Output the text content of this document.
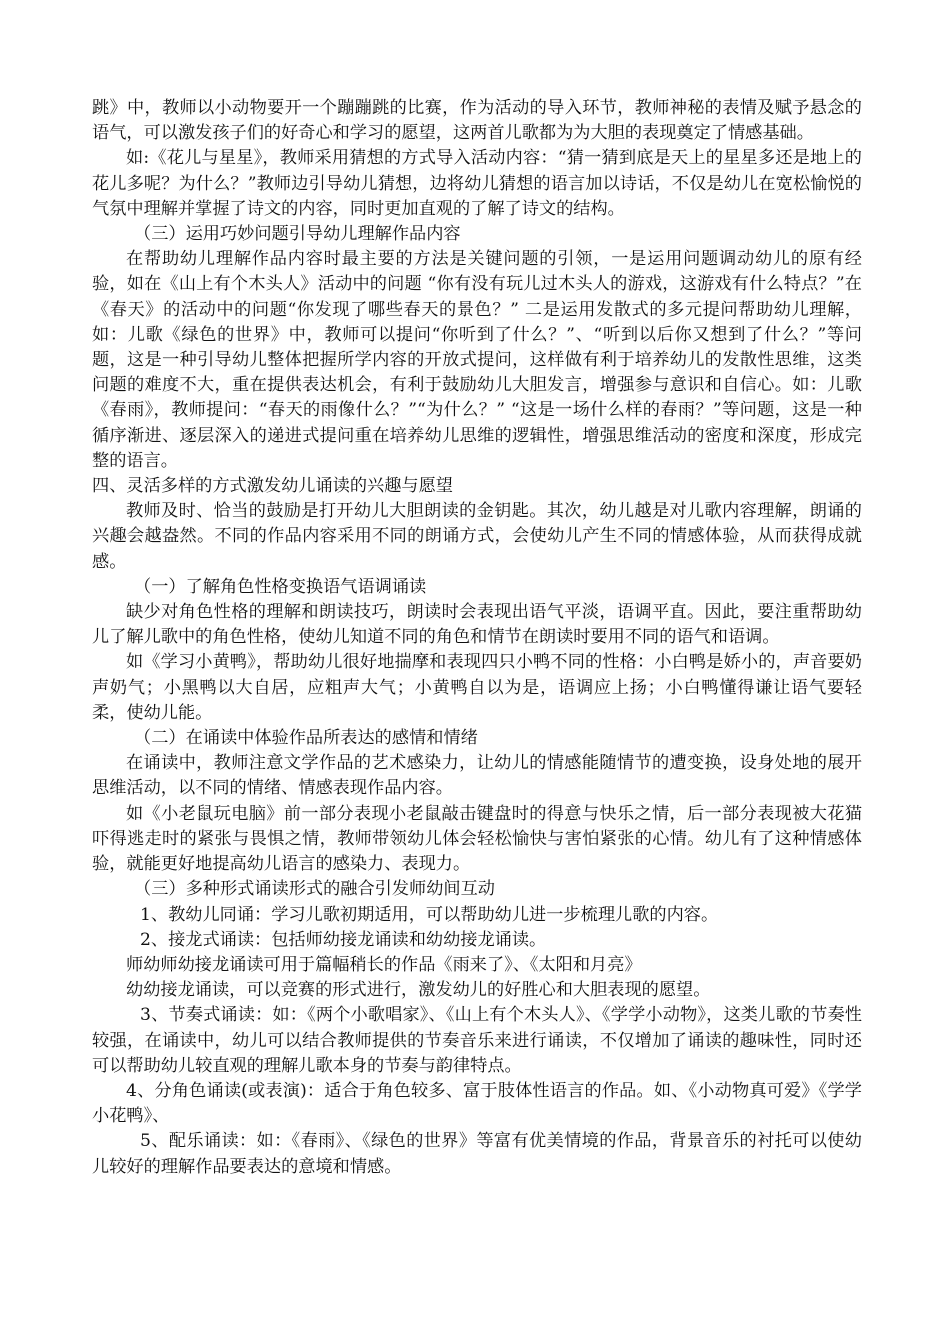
跳》中，教师以小动物要开一个蹦蹦跳的比赛，作为活动的导入环节，教师神秘的表情及赋予悬念的语气，可以激发孩子们的好奇心和学习的愿望，这两首儿歌都为为大胆的表现奠定了情感基础。

如:《花儿与星星》，教师采用猜想的方式导入活动内容：“猜一猜到底是天上的星星多还是地上的花儿多呢？为什么？”教师边引导幼儿猜想，边将幼儿猜想的语言加以诗话，不仅是幼儿在宽松愉悦的气氛中理解并掌握了诗文的内容，同时更加直观的了解了诗文的结构。

（三）运用巧妙问题引导幼儿理解作品内容

在帮助幼儿理解作品内容时最主要的方法是关键问题的引领，一是运用问题调动幼儿的原有经验，如在《山上有个木头人》活动中的问题 “你有没有玩儿过木头人的游戏，这游戏有什么特点？”在《春天》的活动中的问题“你发现了哪些春天的景色？” 二是运用发散式的多元提问帮助幼儿理解，如：儿歌《绿色的世界》中，教师可以提问“你听到了什么？”、“听到以后你又想到了什么？”等问题，这是一种引导幼儿整体把握所学内容的开放式提问，这样做有利于培养幼儿的发散性思维，这类问题的难度不大，重在提供表达机会，有利于鼓励幼儿大胆发言，增强参与意识和自信心。如：儿歌《春雨》，教师提问：“春天的雨像什么？”“为什么？” “这是一场什么样的春雨？”等问题，这是一种循序渐进、逐层深入的递进式提问重在培养幼儿思维的逻辑性，增强思维活动的密度和深度，形成完整的语言。

四、灵活多样的方式激发幼儿诵读的兴趣与愿望

教师及时、恰当的鼓励是打开幼儿大胆朗读的金钥匙。其次，幼儿越是对儿歌内容理解，朗诵的兴趣会越盎然。不同的作品内容采用不同的朗诵方式，会使幼儿产生不同的情感体验，从而获得成就感。

（一）了解角色性格变换语气语调诵读

缺少对角色性格的理解和朗读技巧，朗读时会表现出语气平淡，语调平直。因此，要注重帮助幼儿了解儿歌中的角色性格，使幼儿知道不同的角色和情节在朗读时要用不同的语气和语调。

如《学习小黄鸭》，帮助幼儿很好地揣摩和表现四只小鸭不同的性格：小白鸭是娇小的，声音要奶声奶气；小黑鸭以大自居，应粗声大气；小黄鸭自以为是，语调应上扬；小白鸭懂得谦让语气要轻柔，使幼儿能。

（二）在诵读中体验作品所表达的感情和情绪

在诵读中，教师注意文学作品的艺术感染力，让幼儿的情感能随情节的遭变换，设身处地的展开思维活动，以不同的情绪、情感表现作品内容。

如《小老鼠玩电脑》前一部分表现小老鼠敲击键盘时的得意与快乐之情，后一部分表现被大花猫吓得逃走时的紧张与畏惧之情，教师带领幼儿体会轻松愉快与害怕紧张的心情。幼儿有了这种情感体验，就能更好地提高幼儿语言的感染力、表现力。

（三）多种形式诵读形式的融合引发师幼间互动

1、教幼儿同诵：学习儿歌初期适用，可以帮助幼儿进一步梳理儿歌的内容。

2、接龙式诵读：包括师幼接龙诵读和幼幼接龙诵读。

师幼师幼接龙诵读可用于篇幅稍长的作品《雨来了》、《太阳和月亮》

幼幼接龙诵读，可以竞赛的形式进行，激发幼儿的好胜心和大胆表现的愿望。

3、节奏式诵读：如：《两个小歌唱家》、《山上有个木头人》、《学学小动物》，这类儿歌的节奏性较强，在诵读中，幼儿可以结合教师提供的节奏音乐来进行诵读，不仅增加了诵读的趣味性，同时还可以帮助幼儿较直观的理解儿歌本身的节奏与韵律特点。

4、分角色诵读(或表演)：适合于角色较多、富于肢体性语言的作品。如、《小动物真可爱》《学学小花鸭》、

5、配乐诵读：如：《春雨》、《绿色的世界》等富有优美情境的作品，背景音乐的衬托可以使幼儿较好的理解作品要表达的意境和情感。
